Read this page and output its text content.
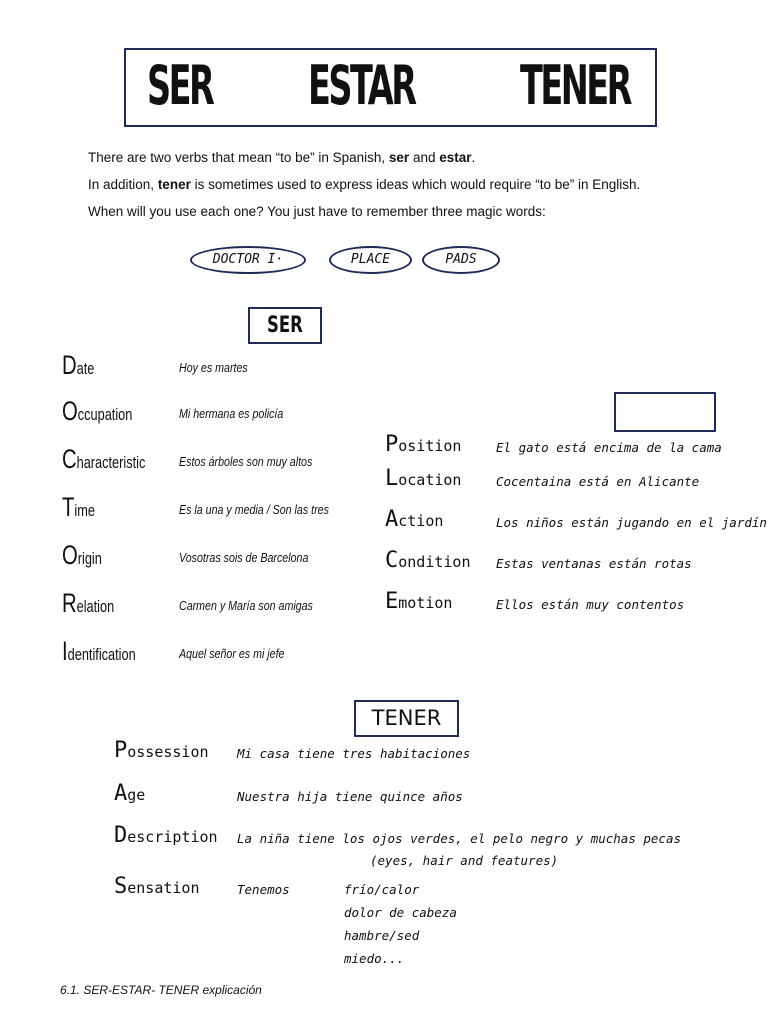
SER ESTAR TENER
There are two verbs that mean “to be” in Spanish, ser and estar.
In addition, tener is sometimes used to express ideas which would require “to be” in English.
When will you use each one? You just have to remember three magic words:
DOCTOR I·	PLACE	PADS
SER
Date	Hoy es martes
Occupation	Mi hermana es policía
Characteristic	Estos árboles son muy altos
Time	Es la una y media / Son las tres
Origin	Vosotras sois de Barcelona
Relation	Carmen y María son amigas
Identification	Aquel señor es mi jefe
Position	El gato está encima de la cama
Location	Cocentaina está en Alicante
Action	Los niños están jugando en el jardín
Condition Estas ventanas están rotas
Emotion	Ellos están muy contentos
TENER
Possession Mi casa tiene tres habitaciones
Age	Nuestra hija tiene quince años
Description La niña tiene los ojos verdes, el pelo negro y muchas pecas
(eyes, hair and features)
Sensation	Tenemos	frío/calor
dolor de cabeza
hambre/sed
miedo...
6.1. SER-ESTAR- TENER explicación
